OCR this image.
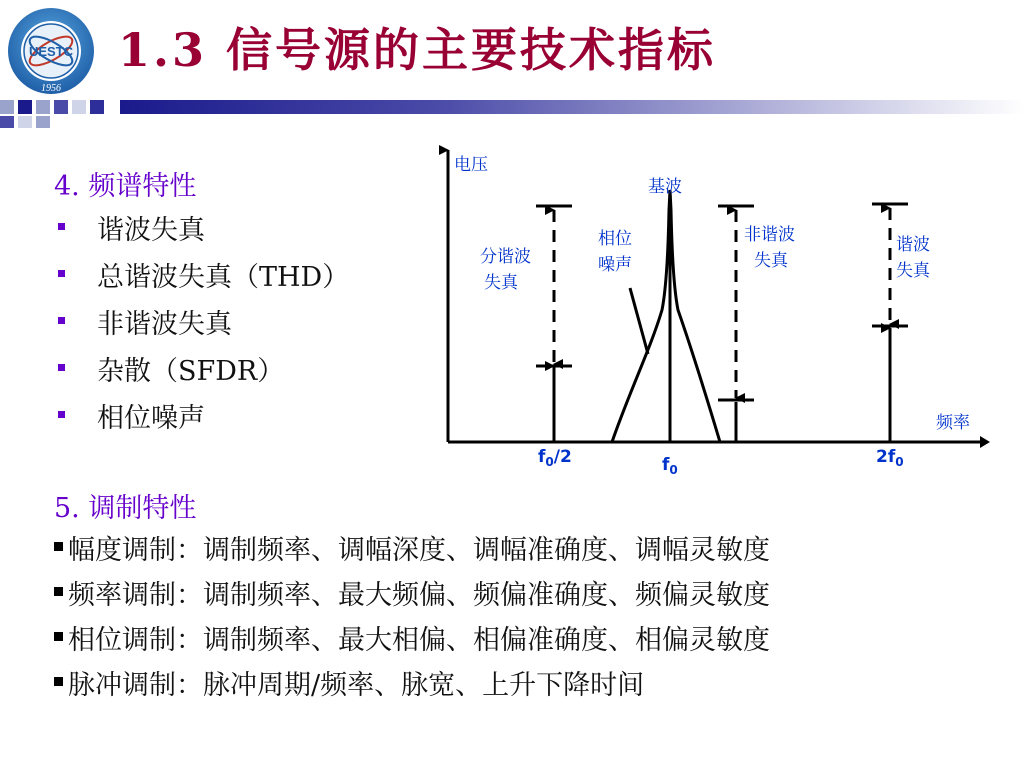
UESTC
1956
1.3 信号源的主要技术指标
4. 频谱特性
谐波失真
总谐波失真（THD）
非谐波失真
杂散（SFDR）
相位噪声
电压
频率
分谐波
失真
基波
相位
噪声
非谐波
失真
谐波
失真
$f_0/2$	$f_0$
$2f_0$
5. 调制特性
幅度调制：调制频率、调幅深度、调幅准确度、调幅灵敏度
频率调制：调制频率、最大频偏、频偏准确度、频偏灵敏度
相位调制：调制频率、最大相偏、相偏准确度、相偏灵敏度
脉冲调制：脉冲周期/频率、脉宽、上升下降时间
